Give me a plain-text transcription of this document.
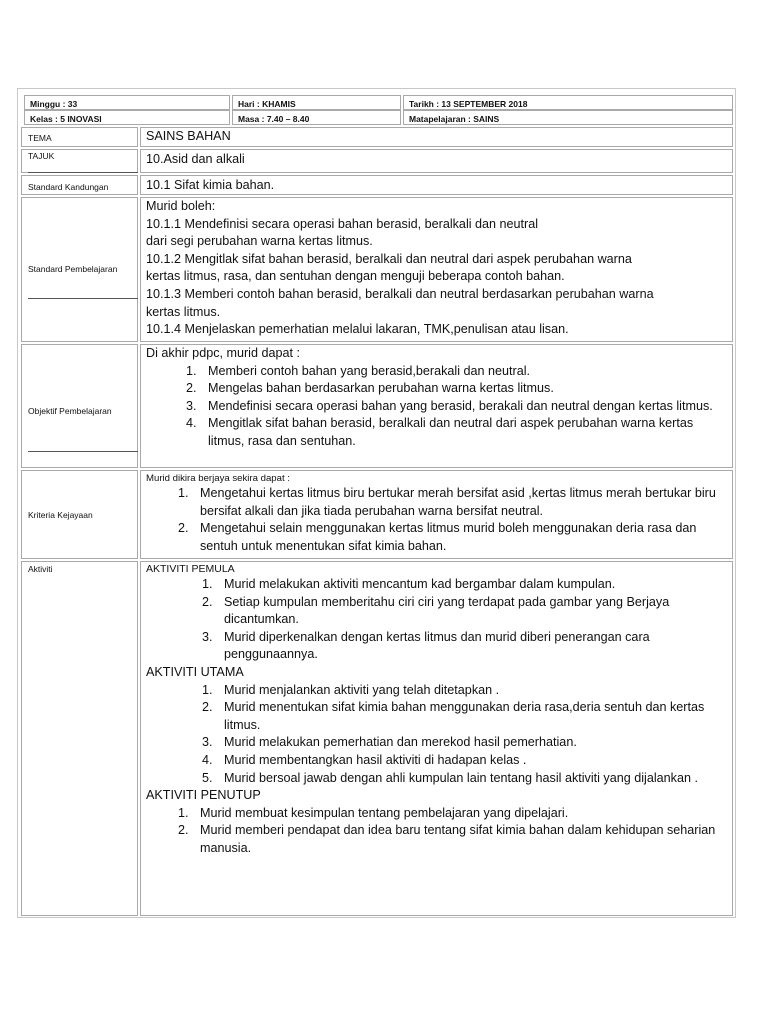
Minggu : 33	Hari : KHAMIS	Tarikh : 13 SEPTEMBER 2018
Kelas : 5 INOVASI	Masa : 7.40 – 8.40	Matapelajaran : SAINS
TEMA	SAINS BAHAN
TAJUK	10.Asid dan alkali
Standard Kandungan	10.1 Sifat kimia bahan.
Standard Pembelajaran

Murid boleh:

10.1.1 Mendefinisi secara operasi bahan berasid, beralkali dan neutral

dari segi perubahan warna kertas litmus.

10.1.2 Mengitlak sifat bahan berasid, beralkali dan neutral dari aspek perubahan warna

kertas litmus, rasa, dan sentuhan dengan menguji beberapa contoh bahan.

10.1.3 Memberi contoh bahan berasid, beralkali dan neutral berdasarkan perubahan warna

kertas litmus.

10.1.4 Menjelaskan pemerhatian melalui lakaran, TMK,penulisan atau lisan.

Objektif Pembelajaran

Di akhir pdpc, murid dapat :

1. Memberi contoh bahan yang berasid,berakali dan neutral.
2. Mengelas bahan berdasarkan perubahan warna kertas litmus.
3. Mendefinisi secara operasi bahan yang berasid, berakali dan neutral dengan kertas litmus.
4. Mengitlak sifat bahan berasid, beralkali dan neutral dari aspek perubahan warna kertas litmus, rasa dan sentuhan.
Kriteria Kejayaan

Murid dikira berjaya sekira dapat :

1. Mengetahui kertas litmus biru bertukar merah bersifat asid ,kertas litmus merah bertukar biru bersifat alkali dan jika tiada perubahan warna bersifat neutral.
2. Mengetahui selain menggunakan kertas litmus murid boleh menggunakan deria rasa dan sentuh untuk menentukan sifat kimia bahan.
Aktiviti	AKTIVITI PEMULA

1. Murid melakukan aktiviti mencantum kad bergambar dalam kumpulan.
2. Setiap kumpulan memberitahu ciri ciri yang terdapat pada gambar yang Berjaya dicantumkan.
3. Murid diperkenalkan dengan kertas litmus dan murid diberi penerangan cara penggunaannya.

AKTIVITI UTAMA

1. Murid menjalankan aktiviti yang telah ditetapkan .
2. Murid menentukan sifat kimia bahan menggunakan deria rasa,deria sentuh dan kertas litmus.
3. Murid melakukan pemerhatian dan merekod hasil pemerhatian.
4. Murid membentangkan hasil aktiviti di hadapan kelas .
5. Murid bersoal jawab dengan ahli kumpulan lain tentang hasil aktiviti yang dijalankan .

AKTIVITI PENUTUP

1. Murid membuat kesimpulan tentang pembelajaran yang dipelajari.
2. Murid memberi pendapat dan idea baru tentang sifat kimia bahan dalam kehidupan seharian manusia.
